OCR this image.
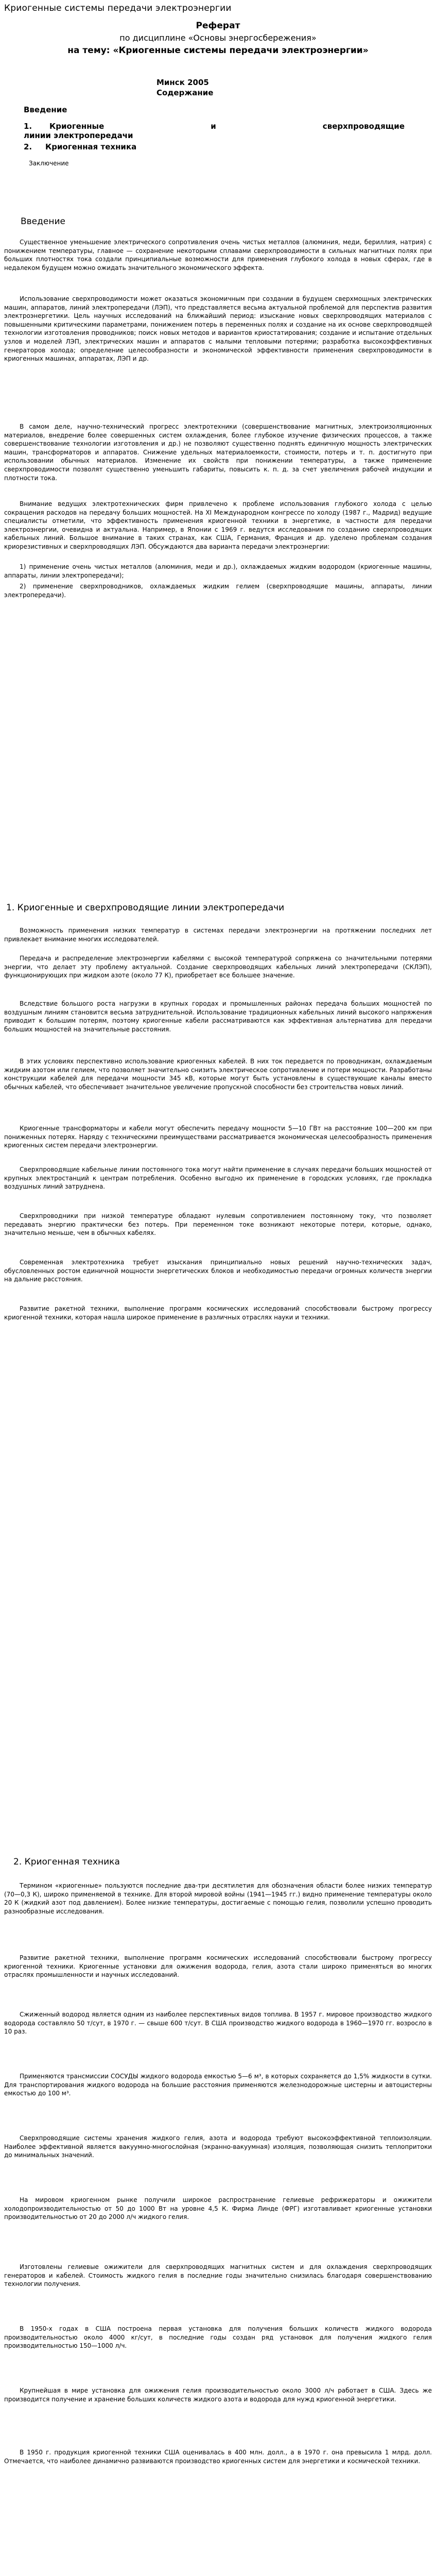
Криогенные системы передачи электроэнергии
Реферат
по дисциплине «Основы энергосбережения»
на тему: «Криогенные системы передачи электроэнергии»
Минск 2005
Содержание
Введение
1. Криогенные и сверхпроводящие
линии электропередачи
2. Криогенная техника
Заключение
Введение

Существенное уменьшение электрического сопротивления очень чистых металлов (алюминия, меди, бериллия, натрия) с понижением температуры, главное — сохранение некоторыми сплавами сверхпроводимости в сильных магнитных полях при больших плотностях тока создали принципиальные возможности для применения глубокого холода в новых сферах, где в недалеком будущем можно ожидать значительного экономического эффекта.

Использование сверхпроводимости может оказаться экономичным при создании в будущем сверхмощных электрических машин, аппаратов, линий электропередачи (ЛЭП), что представляется весьма актуальной проблемой для перспектив развития электроэнергетики. Цель научных исследований на ближайший период: изыскание новых сверхпроводящих материалов с повышенными критическими параметрами, понижением потерь в переменных полях и создание на их основе сверхпроводящей технологии изготовления проводников; поиск новых методов и вариантов криостатирования; создание и испытание отдельных узлов и моделей ЛЭП, электрических машин и аппаратов с малыми тепловыми потерями; разработка высокоэффективных генераторов холода; определение целесообразности и экономической эффективности применения сверхпроводимости в криогенных машинах, аппаратах, ЛЭП и др.

В самом деле, научно-технический прогресс электротехники (совершенствование магнитных, электроизоляционных материалов, внедрение более совершенных систем охлаждения, более глубокое изучение физических процессов, а также совершенствование технологии изготовления и др.) не позволяют существенно поднять единичную мощность электрических машин, трансформаторов и аппаратов. Снижение удельных материалоемкости, стоимости, потерь и т. п. достигнуто при использовании обычных материалов. Изменение их свойств при понижении температуры, а также применение сверхпроводимости позволят существенно уменьшить габариты, повысить к. п. д. за счет увеличения рабочей индукции и плотности тока.

Внимание ведущих электротехнических фирм привлечено к проблеме использования глубокого холода с целью сокращения расходов на передачу больших мощностей. На ХI Международном конгрессе по холоду (1987 г., Мадрид) ведущие специалисты отметили, что эффективность применения криогенной техники в энергетике, в частности для передачи электроэнергии, очевидна и актуальна. Например, в Японии с 1969 г. ведутся исследования по созданию сверхпроводящих кабельных линий. Большое внимание в таких странах, как США, Германия, Франция и др. уделено проблемам создания криорезистивных и сверхпроводящих ЛЭП. Обсуждаются два варианта передачи электроэнергии:

1) применение очень чистых металлов (алюминия, меди и др.), охлаждаемых жидким водородом (криогенные машины, аппараты, линии электропередачи);

2) применение сверхпроводников, охлаждаемых жидким гелием (сверхпроводящие машины, аппараты, линии электропередачи).

1. Криогенные и сверхпроводящие линии электропередачи

Возможность применения низких температур в системах передачи электроэнергии на протяжении последних лет привлекает внимание многих исследователей.

Передача и распределение электроэнергии кабелями с высокой температурой сопряжена со значительными потерями энергии, что делает эту проблему актуальной. Создание сверхпроводящих кабельных линий электропередачи (СКЛЭП), функционирующих при жидком азоте (около 77 К), приобретает все большее значение.

Вследствие большого роста нагрузки в крупных городах и промышленных районах передача больших мощностей по воздушным линиям становится весьма затруднительной. Использование традиционных кабельных линий высокого напряжения приводит к большим потерям, поэтому криогенные кабели рассматриваются как эффективная альтернатива для передачи больших мощностей на значительные расстояния.

В этих условиях перспективно использование криогенных кабелей. В них ток передается по проводникам, охлаждаемым жидким азотом или гелием, что позволяет значительно снизить электрическое сопротивление и потери мощности. Разработаны конструкции кабелей для передачи мощности 345 кВ, которые могут быть установлены в существующие каналы вместо обычных кабелей, что обеспечивает значительное увеличение пропускной способности без строительства новых линий.

Криогенные трансформаторы и кабели могут обеспечить передачу мощности 5—10 ГВт на расстояние 100—200 км при пониженных потерях. Наряду с техническими преимуществами рассматривается экономическая целесообразность применения криогенных систем передачи электроэнергии.

Сверхпроводящие кабельные линии постоянного тока могут найти применение в случаях передачи больших мощностей от крупных электростанций к центрам потребления. Особенно выгодно их применение в городских условиях, где прокладка воздушных линий затруднена.

Сверхпроводники при низкой температуре обладают нулевым сопротивлением постоянному току, что позволяет передавать энергию практически без потерь. При переменном токе возникают некоторые потери, которые, однако, значительно меньше, чем в обычных кабелях.

Современная электротехника требует изыскания принципиально новых решений научно-технических задач, обусловленных ростом единичной мощности энергетических блоков и необходимостью передачи огромных количеств энергии на дальние расстояния.

Развитие ракетной техники, выполнение программ космических исследований способствовали быстрому прогрессу криогенной техники, которая нашла широкое применение в различных отраслях науки и техники.

2. Криогенная техника

Термином «криогенные» пользуются последние два-три десятилетия для обозначения области более низких температур (70—0,3 К), широко применяемой в технике. Для второй мировой войны (1941—1945 гг.) видно применение температуры около 20 К (жидкий азот под давлением). Более низкие температуры, достигаемые с помощью гелия, позволили успешно проводить разнообразные исследования.

Развитие ракетной техники, выполнение программ космических исследований способствовали быстрому прогрессу криогенной техники. Криогенные установки для ожижения водорода, гелия, азота стали широко применяться во многих отраслях промышленности и научных исследований.

Сжиженный водород является одним из наиболее перспективных видов топлива. В 1957 г. мировое производство жидкого водорода составляло 50 т/сут, в 1970 г. — свыше 600 т/сут. В США производство жидкого водорода в 1960—1970 гг. возросло в 10 раз.

Применяются трансмиссии СОСУДЫ жидкого водорода емкостью 5—6 м³, в которых сохраняется до 1,5% жидкости в сутки. Для транспортирования жидкого водорода на большие расстояния применяются железнодорожные цистерны и автоцистерны емкостью до 100 м³.

Сверхпроводящие системы хранения жидкого гелия, азота и водорода требуют высокоэффективной теплоизоляции. Наиболее эффективной является вакуумно-многослойная (экранно-вакуумная) изоляция, позволяющая снизить теплопритоки до минимальных значений.

На мировом криогенном рынке получили широкое распространение гелиевые рефрижераторы и ожижители холодопроизводительностью от 50 до 1000 Вт на уровне 4,5 К. Фирма Линде (ФРГ) изготавливает криогенные установки производительностью от 20 до 2000 л/ч жидкого гелия.

Изготовлены гелиевые ожижители для сверхпроводящих магнитных систем и для охлаждения сверхпроводящих генераторов и кабелей. Стоимость жидкого гелия в последние годы значительно снизилась благодаря совершенствованию технологии получения.

В 1950-х годах в США построена первая установка для получения больших количеств жидкого водорода производительностью около 4000 кг/сут, в последние годы создан ряд установок для получения жидкого гелия производительностью 150—1000 л/ч.

Крупнейшая в мире установка для ожижения гелия производительностью около 3000 л/ч работает в США. Здесь же производится получение и хранение больших количеств жидкого азота и водорода для нужд криогенной энергетики.

В 1950 г. продукция криогенной техники США оценивалась в 400 млн. долл., а в 1970 г. она превысила 1 млрд. долл. Отмечается, что наиболее динамично развиваются производство криогенных систем для энергетики и космической техники.
